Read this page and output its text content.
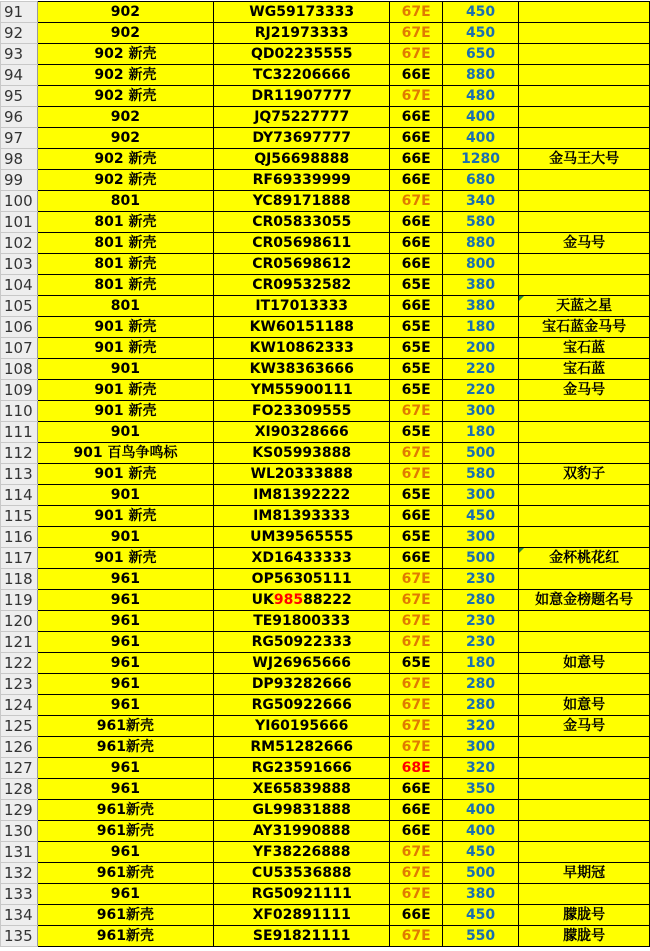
91	902	WG59173333	67E	450	
92	902	RJ21973333	67E	450	
93	902 新壳	QD02235555	67E	650	
94	902 新壳	TC32206666	66E	880	
95	902 新壳	DR11907777	67E	480	
96	902	JQ75227777	66E	400	
97	902	DY73697777	66E	400	
98	902 新壳	QJ56698888	66E	1280	金马王大号
99	902 新壳	RF69339999	66E	680	
100	801	YC89171888	67E	340	
101	801 新壳	CR05833055	66E	580	
102	801 新壳	CR05698611	66E	880	金马号
103	801 新壳	CR05698612	66E	800	
104	801 新壳	CR09532582	65E	380	
105	801	IT17013333	66E	380	天蓝之星
106	901 新壳	KW60151188	65E	180	宝石蓝金马号
107	901 新壳	KW10862333	65E	200	宝石蓝
108	901	KW38363666	65E	220	宝石蓝
109	901 新壳	YM55900111	65E	220	金马号
110	901 新壳	FO23309555	67E	300	
111	901	XI90328666	65E	180	
112	901 百鸟争鸣标	KS05993888	67E	500	
113	901 新壳	WL20333888	67E	580	双豹子
114	901	IM81392222	65E	300	
115	901 新壳	IM81393333	66E	450	
116	901	UM39565555	65E	300	
117	901 新壳	XD16433333	66E	500	金杯桃花红
118	961	OP56305111	67E	230	
119	961	UK98588222	67E	280	如意金榜题名号
120	961	TE91800333	67E	230	
121	961	RG50922333	67E	230	
122	961	WJ26965666	65E	180	如意号
123	961	DP93282666	67E	280	
124	961	RG50922666	67E	280	如意号
125	961新壳	YI60195666	67E	320	金马号
126	961新壳	RM51282666	67E	300	
127	961	RG23591666	68E	320	
128	961	XE65839888	66E	350	
129	961新壳	GL99831888	66E	400	
130	961新壳	AY31990888	66E	400	
131	961	YF38226888	67E	450	
132	961新壳	CU53536888	67E	500	早期冠
133	961	RG50921111	67E	380	
134	961新壳	XF02891111	66E	450	朦胧号
135	961新壳	SE91821111	67E	550	朦胧号
